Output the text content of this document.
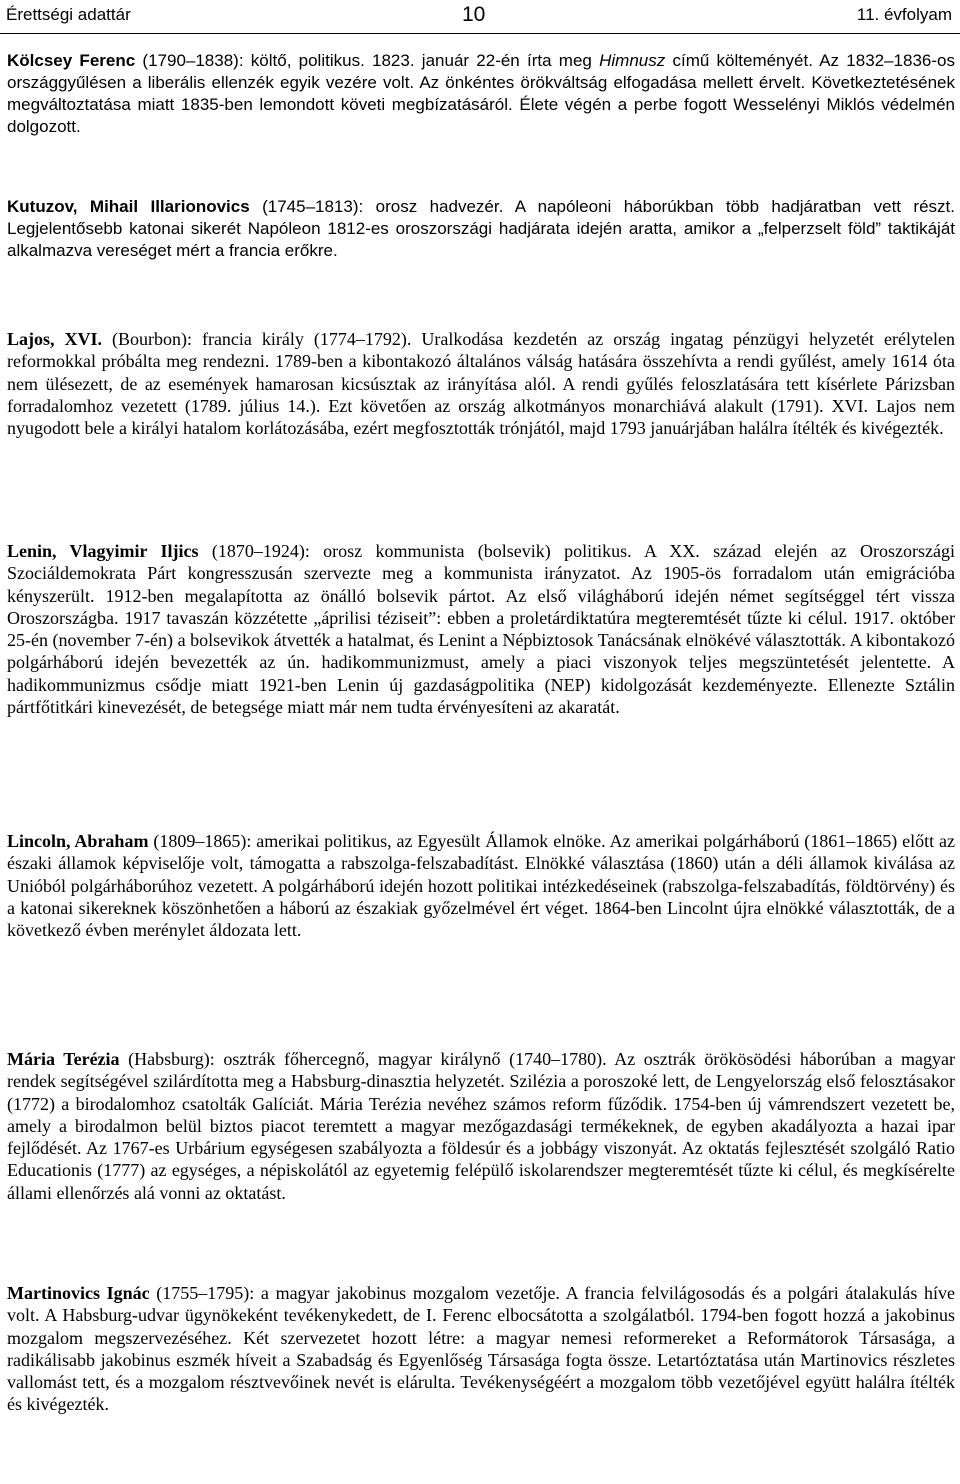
Érettségi adattár	10	11. évfolyam

Kölcsey Ferenc (1790–1838): költő, politikus. 1823. január 22-én írta meg Himnusz című költeményét. Az 1832–1836-os országgyűlésen a liberális ellenzék egyik vezére volt. Az önkéntes örökváltság elfogadása mellett érvelt. Következtetésének megváltoztatása miatt 1835-ben lemondott követi megbízatásáról. Élete végén a perbe fogott Wesselényi Miklós védelmén dolgozott.

Kutuzov, Mihail Illarionovics (1745–1813): orosz hadvezér. A napóleoni háborúkban több hadjáratban vett részt. Legjelentősebb katonai sikerét Napóleon 1812-es oroszországi hadjárata idején aratta, amikor a „felperzselt föld” taktikáját alkalmazva vereséget mért a francia erőkre.

Lajos, XVI. (Bourbon): francia király (1774–1792). Uralkodása kezdetén az ország ingatag pénzügyi helyzetét erélytelen reformokkal próbálta meg rendezni. 1789-ben a kibontakozó általános válság hatására összehívta a rendi gyűlést, amely 1614 óta nem ülésezett, de az események hamarosan kicsúsztak az irányítása alól. A rendi gyűlés feloszlatására tett kísérlete Párizsban forradalomhoz vezetett (1789. július 14.). Ezt követően az ország alkotmányos monarchiává alakult (1791). XVI. Lajos nem nyugodott bele a királyi hatalom korlátozásába, ezért megfosztották trónjától, majd 1793 januárjában halálra ítélték és kivégezték.

Lenin, Vlagyimir Iljics (1870–1924): orosz kommunista (bolsevik) politikus. A XX. század elején az Oroszországi Szociáldemokrata Párt kongresszusán szervezte meg a kommunista irányzatot. Az 1905-ös forradalom után emigrációba kényszerült. 1912-ben megalapította az önálló bolsevik pártot. Az első világháború idején német segítséggel tért vissza Oroszországba. 1917 tavaszán közzétette „áprilisi téziseit”: ebben a proletárdiktatúra megteremtését tűzte ki célul. 1917. október 25-én (november 7-én) a bolsevikok átvették a hatalmat, és Lenint a Népbiztosok Tanácsának elnökévé választották. A kibontakozó polgárháború idején bevezették az ún. hadikommunizmust, amely a piaci viszonyok teljes megszüntetését jelentette. A hadikommunizmus csődje miatt 1921-ben Lenin új gazdaságpolitika (NEP) kidolgozását kezdeményezte. Ellenezte Sztálin pártfőtitkári kinevezését, de betegsége miatt már nem tudta érvényesíteni az akaratát.

Lincoln, Abraham (1809–1865): amerikai politikus, az Egyesült Államok elnöke. Az amerikai polgárháború (1861–1865) előtt az északi államok képviselője volt, támogatta a rabszolga-felszabadítást. Elnökké választása (1860) után a déli államok kiválása az Unióból polgárháborúhoz vezetett. A polgárháború idején hozott politikai intézkedéseinek (rabszolga-felszabadítás, földtörvény) és a katonai sikereknek köszönhetően a háború az északiak győzelmével ért véget. 1864-ben Lincolnt újra elnökké választották, de a következő évben merénylet áldozata lett.

Mária Terézia (Habsburg): osztrák főhercegnő, magyar királynő (1740–1780). Az osztrák örökösödési háborúban a magyar rendek segítségével szilárdította meg a Habsburg-dinasztia helyzetét. Szilézia a poroszoké lett, de Lengyelország első felosztásakor (1772) a birodalomhoz csatolták Galíciát. Mária Terézia nevéhez számos reform fűződik. 1754-ben új vámrendszert vezetett be, amely a birodalmon belül biztos piacot teremtett a magyar mezőgazdasági termékeknek, de egyben akadályozta a hazai ipar fejlődését. Az 1767-es Urbárium egységesen szabályozta a földesúr és a jobbágy viszonyát. Az oktatás fejlesztését szolgáló Ratio Educationis (1777) az egységes, a népiskolától az egyetemig felépülő iskolarendszer megteremtését tűzte ki célul, és megkísérelte állami ellenőrzés alá vonni az oktatást.

Martinovics Ignác (1755–1795): a magyar jakobinus mozgalom vezetője. A francia felvilágosodás és a polgári átalakulás híve volt. A Habsburg-udvar ügynökeként tevékenykedett, de I. Ferenc elbocsátotta a szolgálatból. 1794-ben fogott hozzá a jakobinus mozgalom megszervezéséhez. Két szervezetet hozott létre: a magyar nemesi reformereket a Reformátorok Társasága, a radikálisabb jakobinus eszmék híveit a Szabadság és Egyenlőség Társasága fogta össze. Letartóztatása után Martinovics részletes vallomást tett, és a mozgalom résztvevőinek nevét is elárulta. Tevékenységéért a mozgalom több vezetőjével együtt halálra ítélték és kivégezték.
